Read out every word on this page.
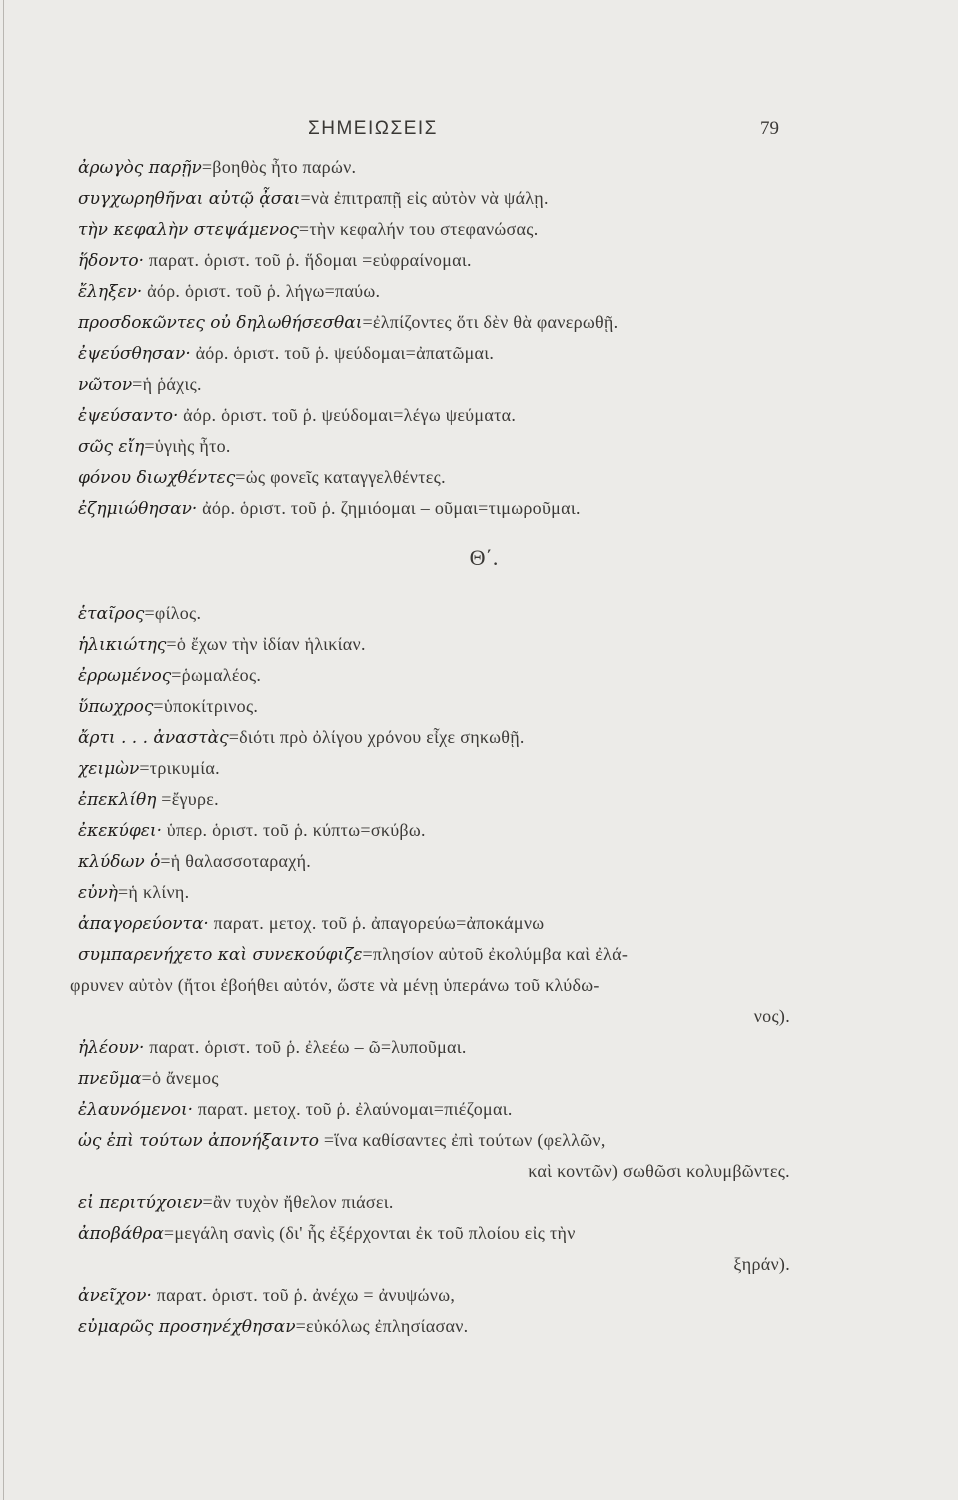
ΣΗΜΕΙΩΣΕΙΣ	79
ἀρωγὸς παρῇν=βοηθὸς ἦτο παρών.
συγχωρηθῆναι αὐτῷ ᾆσαι=νὰ ἐπιτραπῇ εἰς αὐτὸν νὰ ψάλῃ.
τὴν κεφαλὴν στεψάμενος=τὴν κεφαλήν του στεφανώσας.
ἥδοντο· παρατ. ὁριστ. τοῦ ῥ. ἥδομαι =εὐφραίνομαι.
ἔληξεν· ἀόρ. ὁριστ. τοῦ ῥ. λήγω=παύω.
προσδοκῶντες οὐ δηλωθήσεσθαι=ἐλπίζοντες ὅτι δὲν θὰ φανερωθῇ.
ἐψεύσθησαν· ἀόρ. ὁριστ. τοῦ ῥ. ψεύδομαι=ἀπατῶμαι.
νῶτον=ἡ ῥάχις.
ἐψεύσαντο· ἀόρ. ὁριστ. τοῦ ῥ. ψεύδομαι=λέγω ψεύματα.
σῶς εἴη=ὑγιὴς ἦτο.
φόνου διωχθέντες=ὡς φονεῖς καταγγελθέντες.
ἐζημιώθησαν· ἀόρ. ὁριστ. τοῦ ῥ. ζημιόομαι – οῦμαι=τιμωροῦμαι.
Θ΄.
ἑταῖρος=φίλος.
ἡλικιώτης=ὁ ἔχων τὴν ἰδίαν ἡλικίαν.
ἐρρωμένος=ῥωμαλέος.
ὕπωχρος=ὑποκίτρινος.
ἄρτι . . . ἀναστὰς=διότι πρὸ ὀλίγου χρόνου εἶχε σηκωθῇ.
χειμὼν=τρικυμία.
ἐπεκλίθη =ἔγυρε.
ἐκεκύφει· ὑπερ. ὁριστ. τοῦ ῥ. κύπτω=σκύβω.
κλύδων ὁ=ἡ θαλασσοταραχή.
εὐνὴ=ἡ κλίνη.
ἀπαγορεύοντα· παρατ. μετοχ. τοῦ ῥ. ἀπαγορεύω=ἀποκάμνω
συμπαρενήχετο καὶ συνεκούφιζε=πλησίον αὐτοῦ ἐκολύμβα καὶ ἐλά-
φρυνεν αὐτὸν (ἤτοι ἐβοήθει αὐτόν, ὥστε νὰ μένῃ ὑπεράνω τοῦ κλύδω-
νος).
ἠλέουν· παρατ. ὁριστ. τοῦ ῥ. ἐλεέω – ῶ=λυποῦμαι.
πνεῦμα=ὁ ἄνεμος
ἐλαυνόμενοι· παρατ. μετοχ. τοῦ ῥ. ἐλαύνομαι=πιέζομαι.
ὡς ἐπὶ τούτων ἀπονήξαιντο =ἵνα καθίσαντες ἐπὶ τούτων (φελλῶν,
καὶ κοντῶν) σωθῶσι κολυμβῶντες.
εἰ περιτύχοιεν=ἂν τυχὸν ἤθελον πιάσει.
ἀποβάθρα=μεγάλη σανὶς (δι' ἧς ἐξέρχονται ἐκ τοῦ πλοίου εἰς τὴν
ξηράν).
ἀνεῖχον· παρατ. ὁριστ. τοῦ ῥ. ἀνέχω = ἀνυψώνω,
εὐμαρῶς προσηνέχθησαν=εὐκόλως ἐπλησίασαν.
